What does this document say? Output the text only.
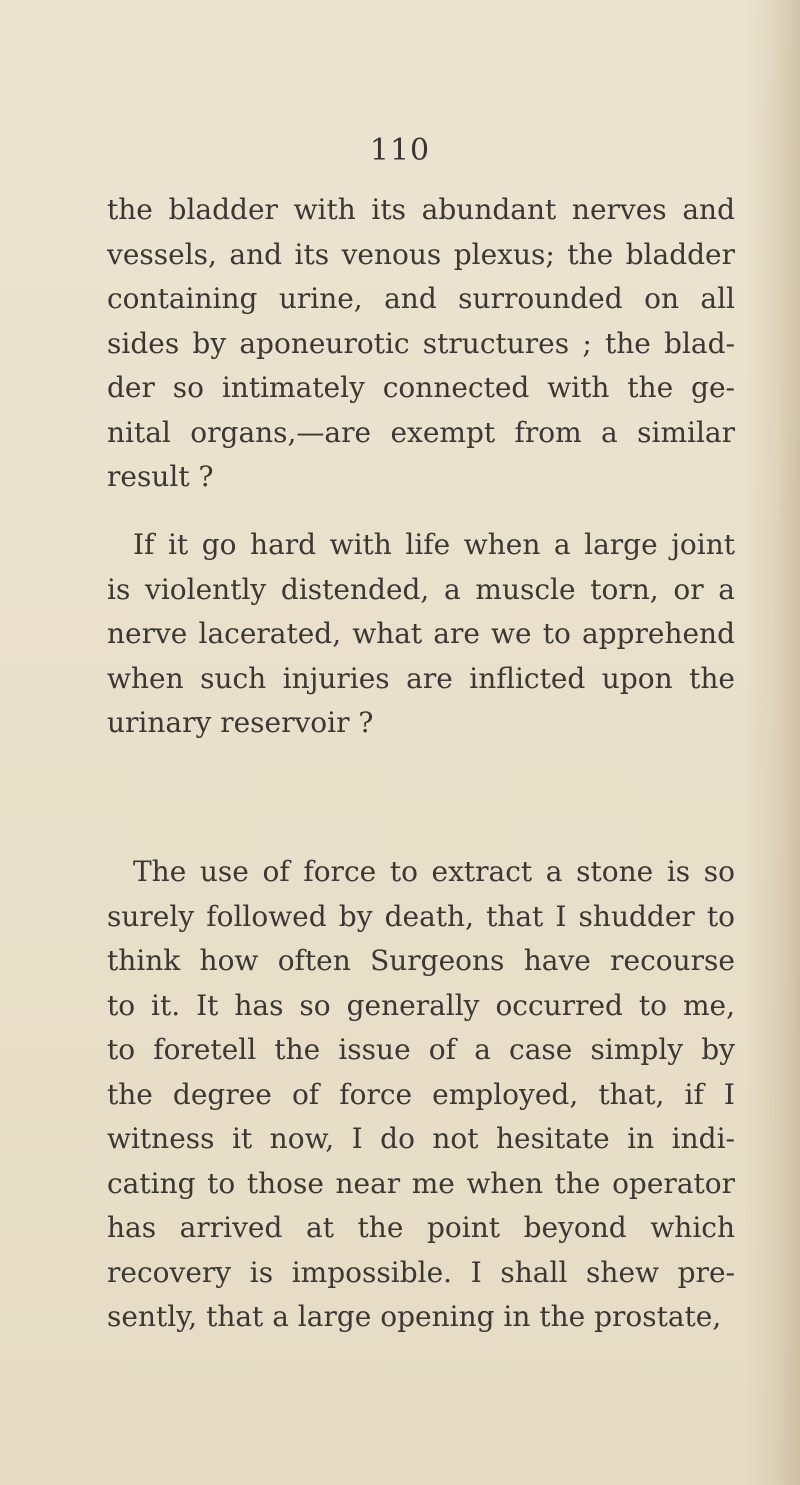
110
the bladder with its abundant nerves and
vessels, and its venous plexus; the bladder
containing urine, and surrounded on all
sides by aponeurotic structures ; the blad-
der so intimately connected with the ge-
nital organs,—are exempt from a similar
result ?
If it go hard with life when a large joint
is violently distended, a muscle torn, or a
nerve lacerated, what are we to apprehend
when such injuries are inflicted upon the
urinary reservoir ?
The use of force to extract a stone is so
surely followed by death, that I shudder to
think how often Surgeons have recourse
to it. It has so generally occurred to me,
to foretell the issue of a case simply by
the degree of force employed, that, if I
witness it now, I do not hesitate in indi-
cating to those near me when the operator
has arrived at the point beyond which
recovery is impossible. I shall shew pre-
sently, that a large opening in the prostate,
